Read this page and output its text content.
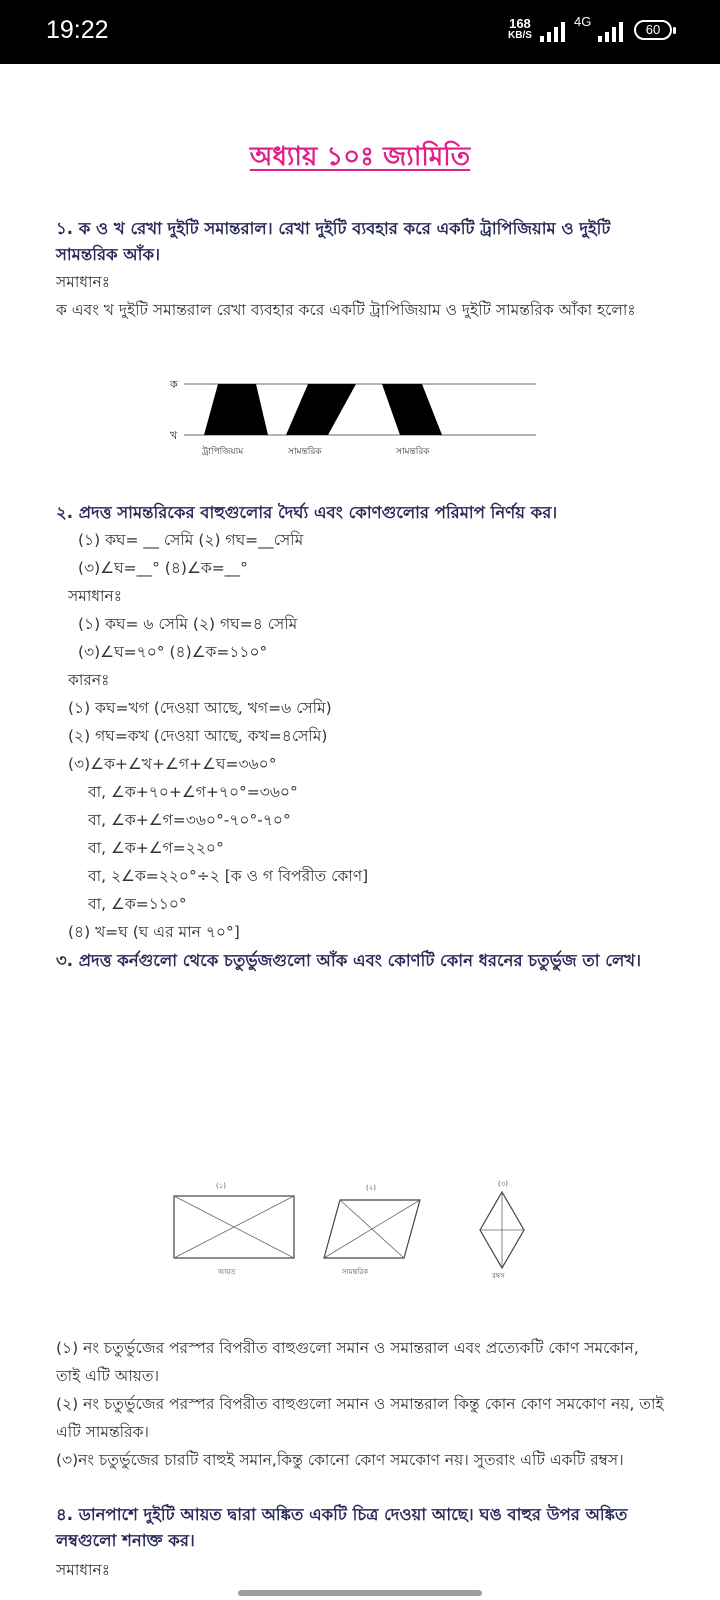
19:22	168
KB/S
4G
60
অধ্যায় ১০ঃ জ্যামিতি
১. ক ও খ রেখা দুইটি সমান্তরাল। রেখা দুইটি ব্যবহার করে একটি ট্রাপিজিয়াম ও দুইটি সামন্তরিক আঁক।
সমাধানঃ
ক এবং খ দুইটি সমান্তরাল রেখা ব্যবহার করে একটি ট্রাপিজিয়াম ও দুইটি সামন্তরিক আঁকা হলোঃ
ক
খ
ট্রাপিজিয়াম	সামন্তরিক	সামন্তরিক
২. প্রদত্ত সামন্তরিকের বাহুগুলোর দৈর্ঘ্য এবং কোণগুলোর পরিমাপ নির্ণয় কর।
(১) কঘ= __ সেমি (২) গঘ=__সেমি
(৩)∠ঘ=__° (৪)∠ক=__°
সমাধানঃ
(১) কঘ= ৬ সেমি (২) গঘ=৪ সেমি
(৩)∠ঘ=৭০° (৪)∠ক=১১০°
কারনঃ
(১) কঘ=খগ (দেওয়া আছে, খগ=৬ সেমি)
(২) গঘ=কখ (দেওয়া আছে, কখ=৪সেমি)
(৩)∠ক+∠খ+∠গ+∠ঘ=৩৬০°
বা, ∠ক+৭০+∠গ+৭০°=৩৬০°
বা, ∠ক+∠গ=৩৬০°-৭০°-৭০°
বা, ∠ক+∠গ=২২০°
বা, ২∠ক=২২০°÷২ [ক ও গ বিপরীত কোণ]
বা, ∠ক=১১০°
(৪) খ=ঘ (ঘ এর মান ৭০°]
৩. প্রদত্ত কর্নগুলো থেকে চতুর্ভুজগুলো আঁক এবং কোণটি কোন ধরনের চতুর্ভুজ তা লেখ।
(১)
আয়ত
(২)
সামন্তরিক
(৩)
রম্বস
(১) নং চতুর্ভুজের পরস্পর বিপরীত বাহুগুলো সমান ও সমান্তরাল এবং প্রত্যেকটি কোণ সমকোন, তাই এটি আয়ত।
(২) নং চতুর্ভুজের পরস্পর বিপরীত বাহুগুলো সমান ও সমান্তরাল কিন্তু কোন কোণ সমকোণ নয়, তাই এটি সামন্তরিক।
(৩)নং চতুর্ভুজের চারটি বাহুই সমান,কিন্তু কোনো কোণ সমকোণ নয়। সুতরাং এটি একটি রম্বস।
৪. ডানপাশে দুইটি আয়ত দ্বারা অঙ্কিত একটি চিত্র দেওয়া আছে। ঘঙ বাহুর উপর অঙ্কিত লম্বগুলো শনাক্ত কর।
সমাধানঃ
